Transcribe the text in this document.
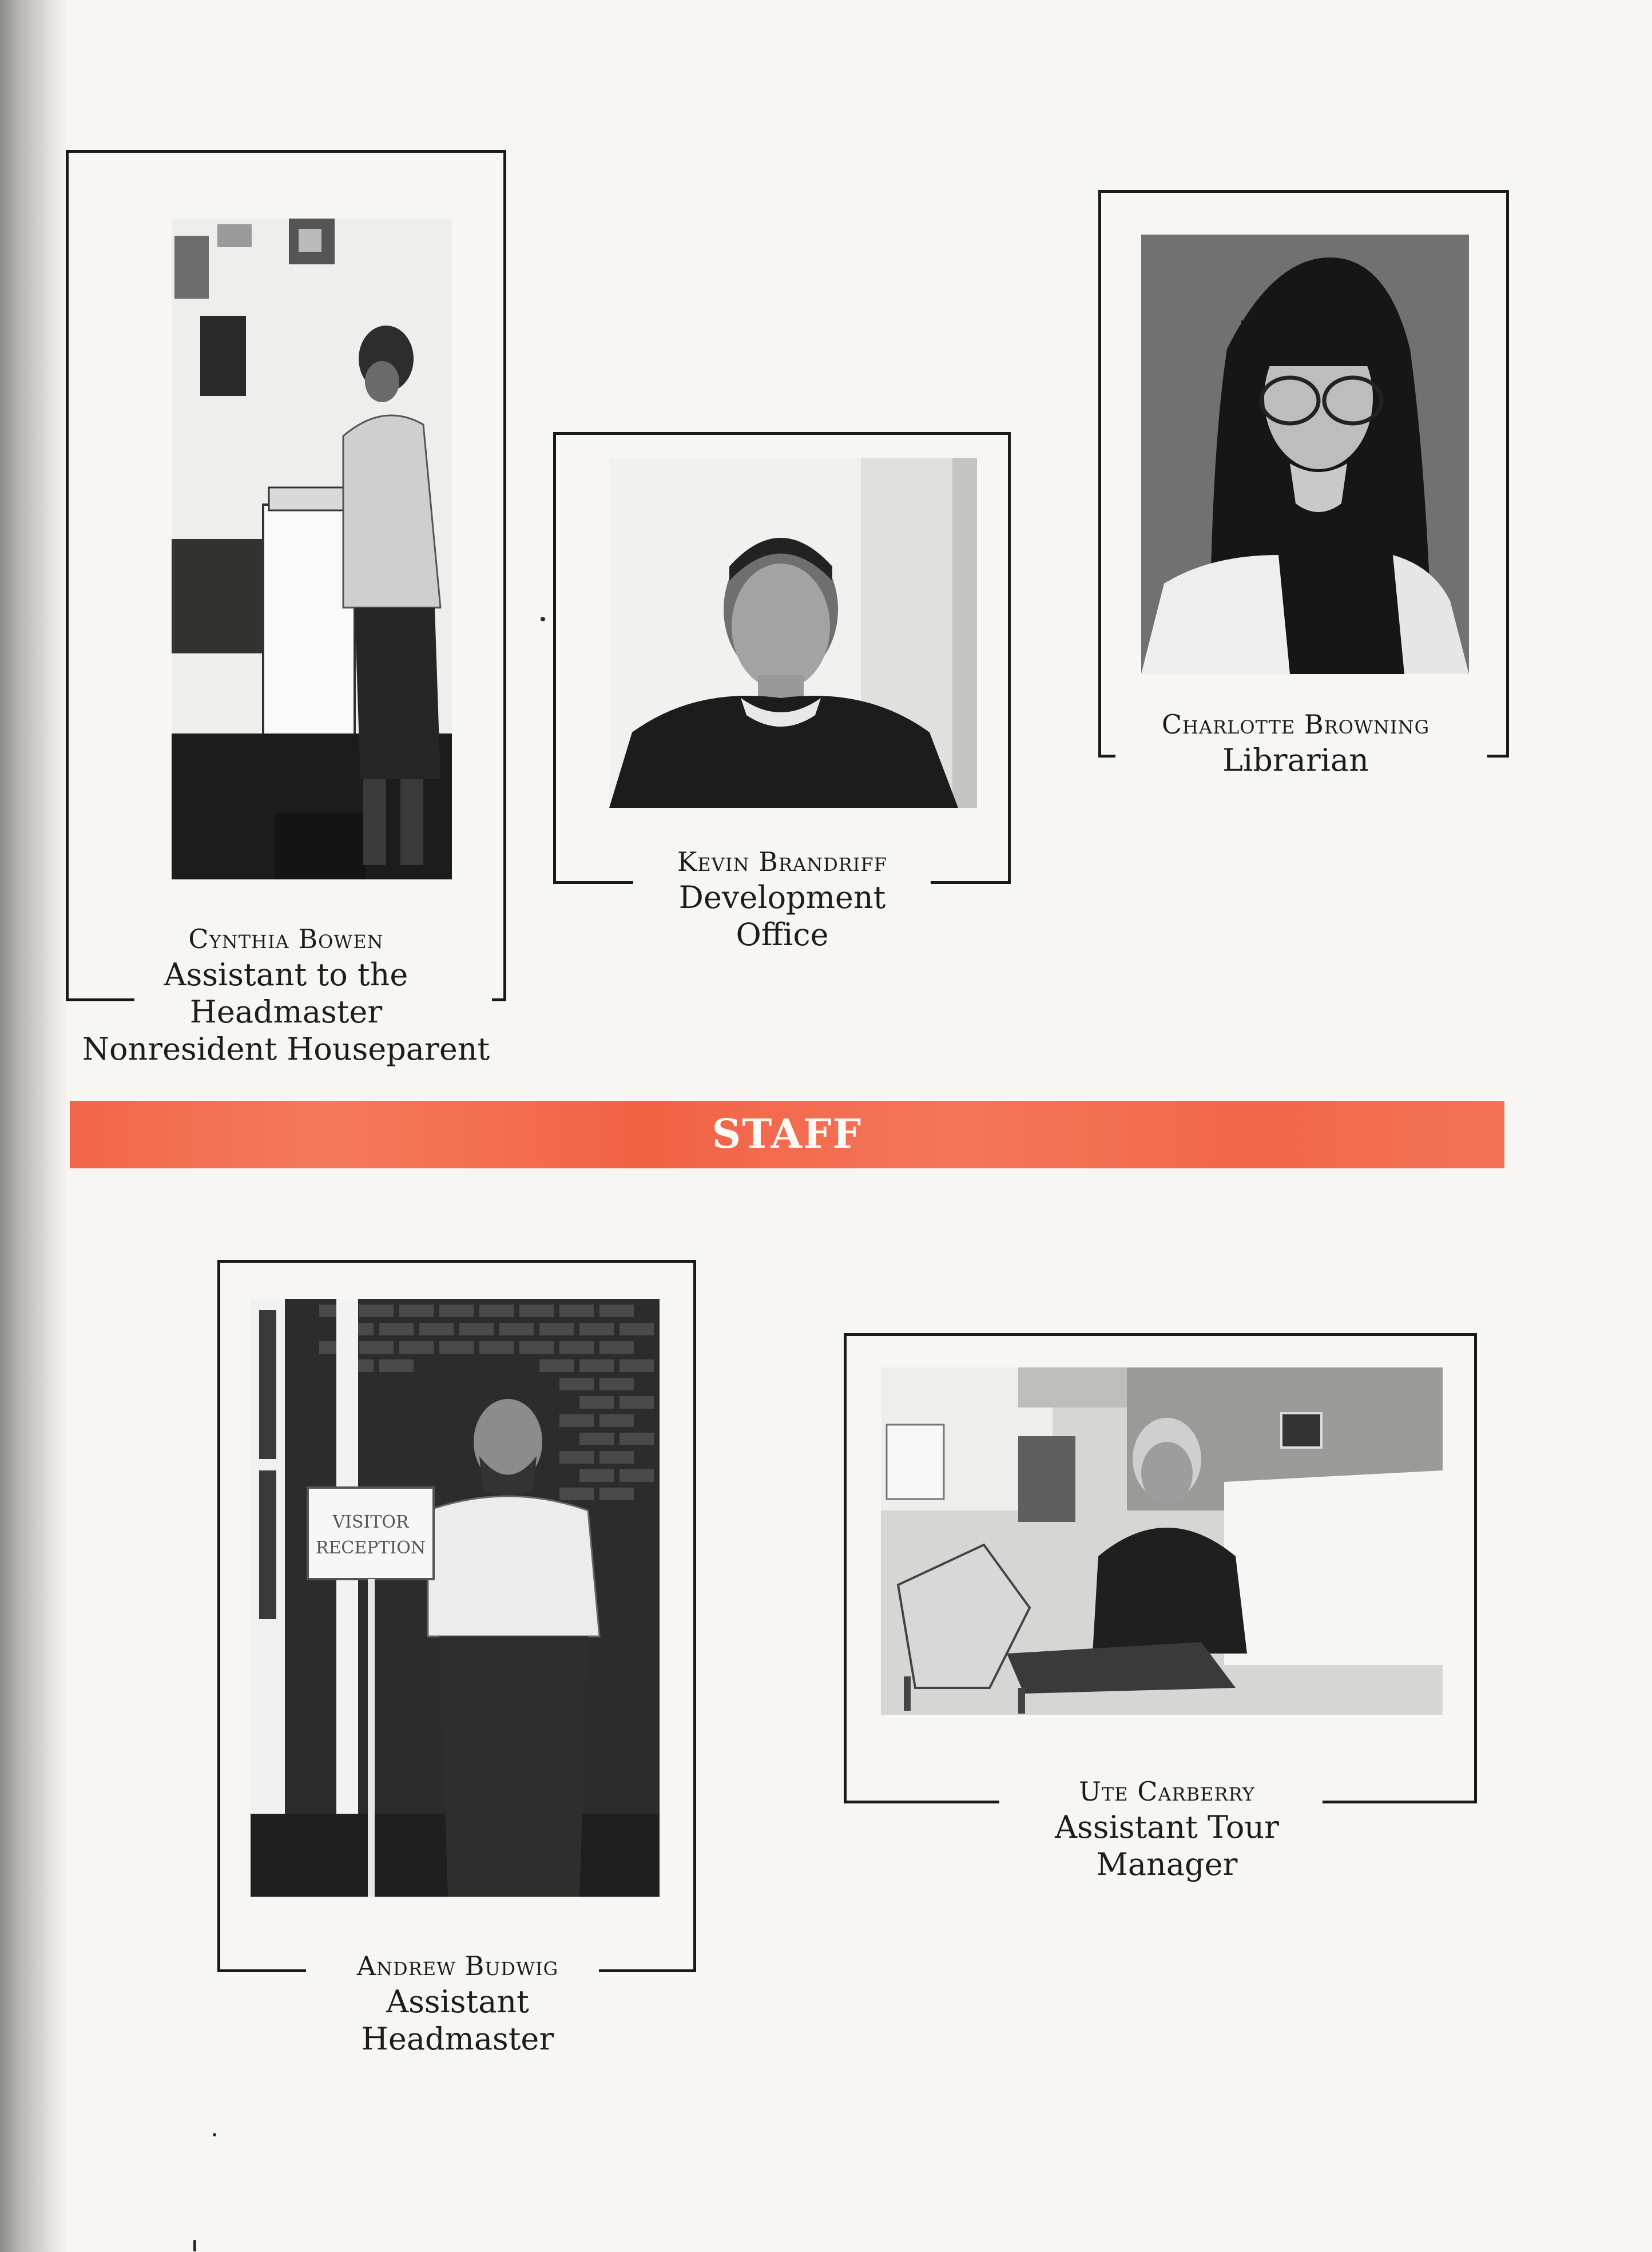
Cynthia Bowen
Assistant to the Headmaster
Nonresident Houseparent
Kevin Brandriff
Development Office
Charlotte Browning
Librarian
STAFF
VISITOR
RECEPTION
Andrew Budwig
Assistant Headmaster
Ute Carberry
Assistant Tour Manager
